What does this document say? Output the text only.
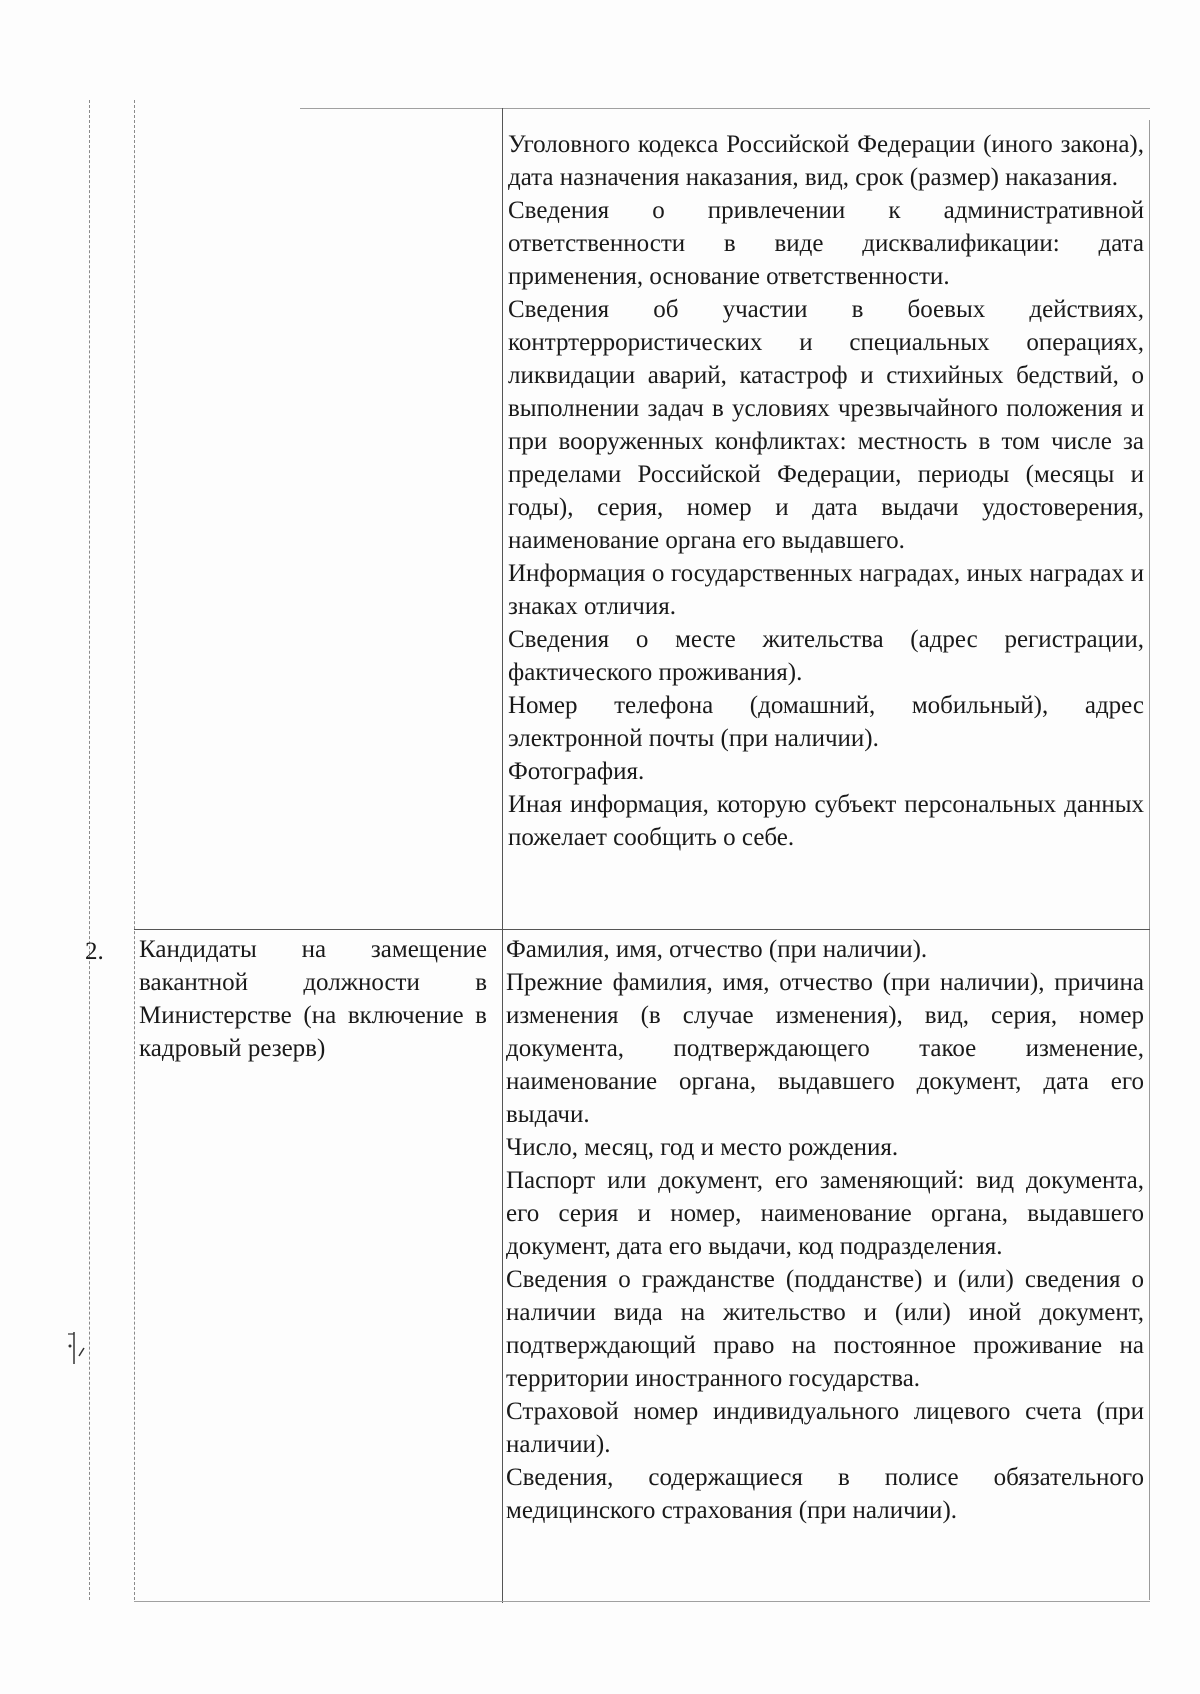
Уголовного кодекса Российской Федерации (иного закона), дата назначения наказания, вид, срок (размер) наказания.

Сведения о привлечении к административной ответственности в виде дисквалификации: дата применения, основание ответственности.

Сведения об участии в боевых действиях, контртеррористических и специальных операциях, ликвидации аварий, катастроф и стихийных бедствий, о выполнении задач в условиях чрезвычайного положения и при вооруженных конфликтах: местность в том числе за пределами Российской Федерации, периоды (месяцы и годы), серия, номер и дата выдачи удостоверения, наименование органа его выдавшего.

Информация о государственных наградах, иных наградах и знаках отличия.

Сведения о месте жительства (адрес регистрации, фактического проживания).

Номер телефона (домашний, мобильный), адрес электронной почты (при наличии).

Фотография.

Иная информация, которую субъект персональных данных пожелает сообщить о себе.

2. Кандидаты на замещение вакантной должности в Министерстве (на включение в кадровый резерв)

Фамилия, имя, отчество (при наличии).

Прежние фамилия, имя, отчество (при наличии), причина изменения (в случае изменения), вид, серия, номер документа, подтверждающего такое изменение, наименование органа, выдавшего документ, дата его выдачи.

Число, месяц, год и место рождения.

Паспорт или документ, его заменяющий: вид документа, его серия и номер, наименование органа, выдавшего документ, дата его выдачи, код подразделения.

Сведения о гражданстве (подданстве) и (или) сведения о наличии вида на жительство и (или) иной документ, подтверждающий право на постоянное проживание на территории иностранного государства.

Страховой номер индивидуального лицевого счета (при наличии).

Сведения, содержащиеся в полисе обязательного медицинского страхования (при наличии).
